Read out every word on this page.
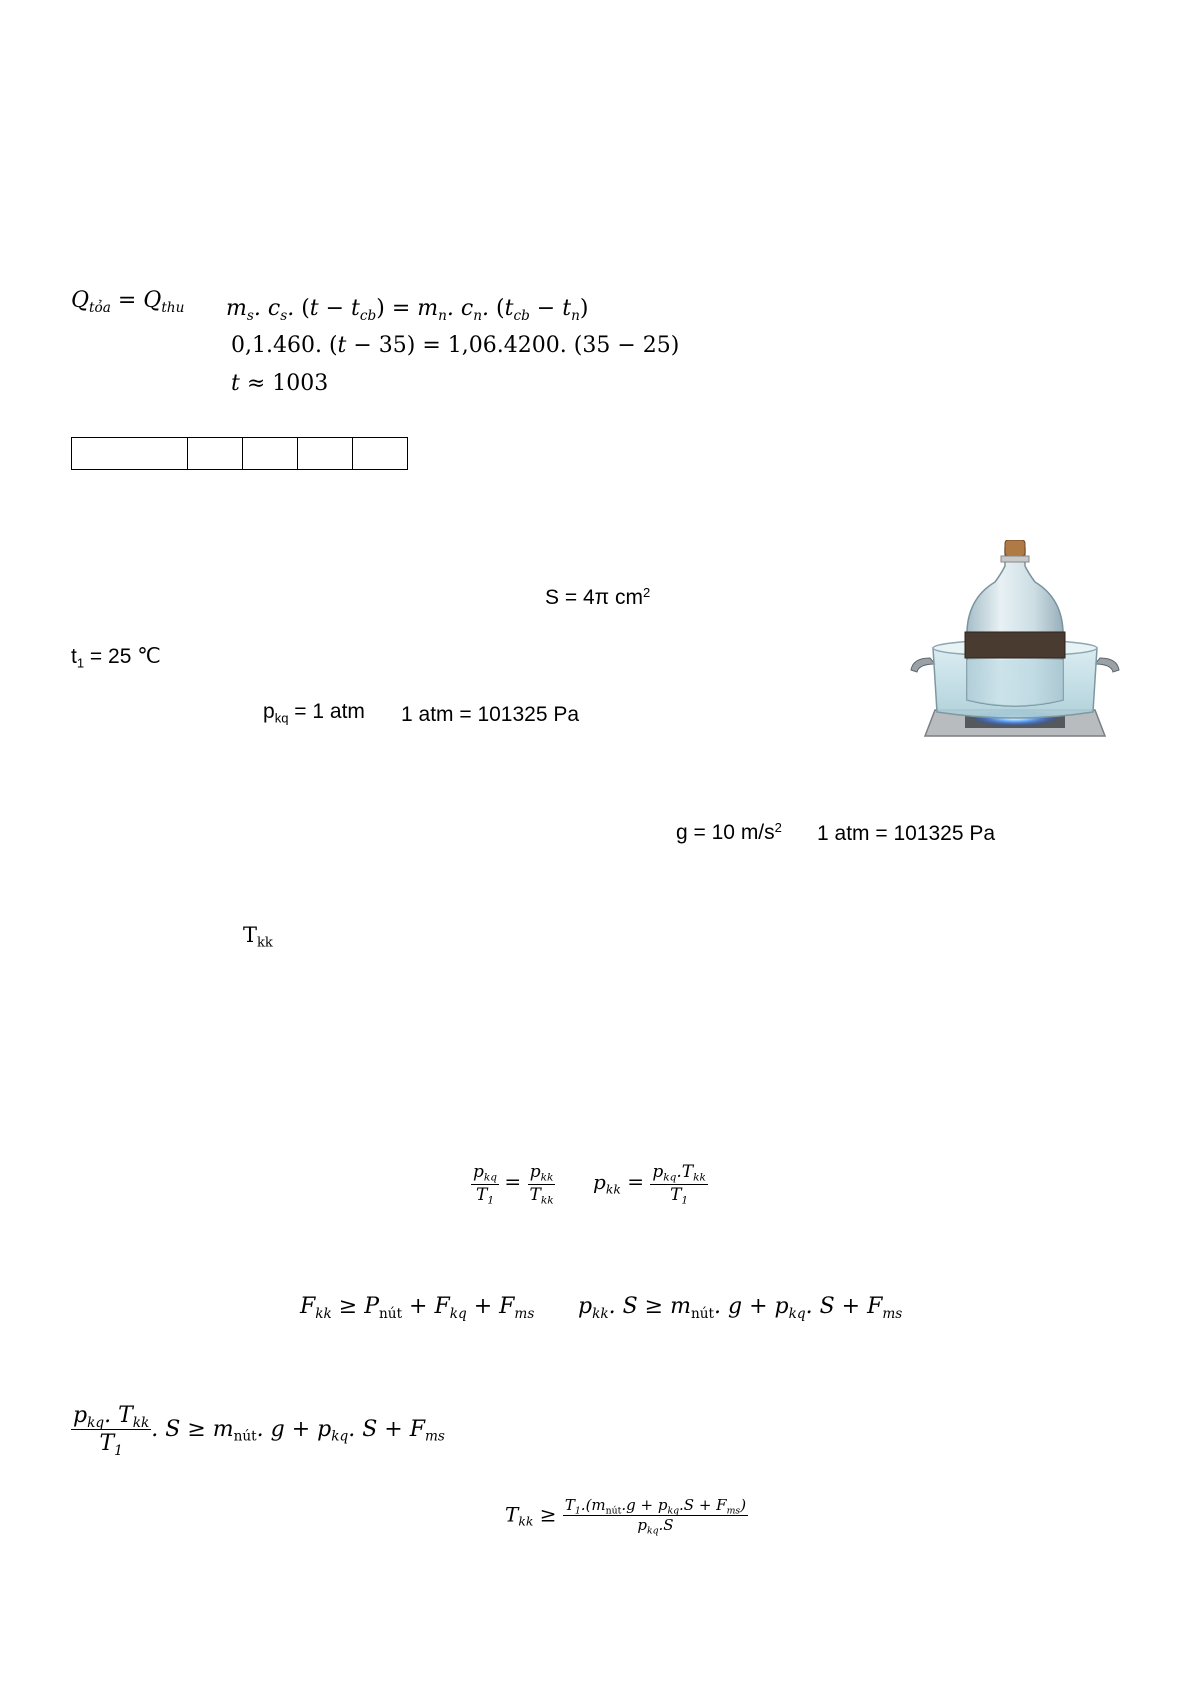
$Q_{tỏa} = Q_{thu}$ $m_s$. $c_s$. $(t - t_{cb}) = m_n$. $c_n$. $(t_{cb} - t_n)$
0,1.460. (t − 35) = 1,06.4200. (35 − 25)
t ≈ 1003

S = 4π $cm^2$
$t_1 = 25$ ℃
$p_{kq} = 1$ atm 1 atm = 101325 Pa
g = 10 $m/s^2$ 1 atm = 101325 Pa
$T_{kk}$
$\frac{p_{kq}}{T_1} = \frac{p_{kk}}{T_{kk}} p_{kk} = \frac{p_{kq}.T_{kk}}{T_1}$
$F_{kk} \ge P_{nút} + F_{kq} + F_{ms}$ $p_{kk}$. $S \ge m_{nút}$. $g + p_{kq}$. $S + F_{ms}$
$\frac{p_{kq}. T_{kk}}{T_1}$ . $S \ge m_{nút}$. $g + p_{kq}$. $S + F_{ms}$
$T_{kk} \ge \frac{T_1.(m_{nút}.g + p_{kq}.S + F_{ms})}{p_{kq}.S}$
